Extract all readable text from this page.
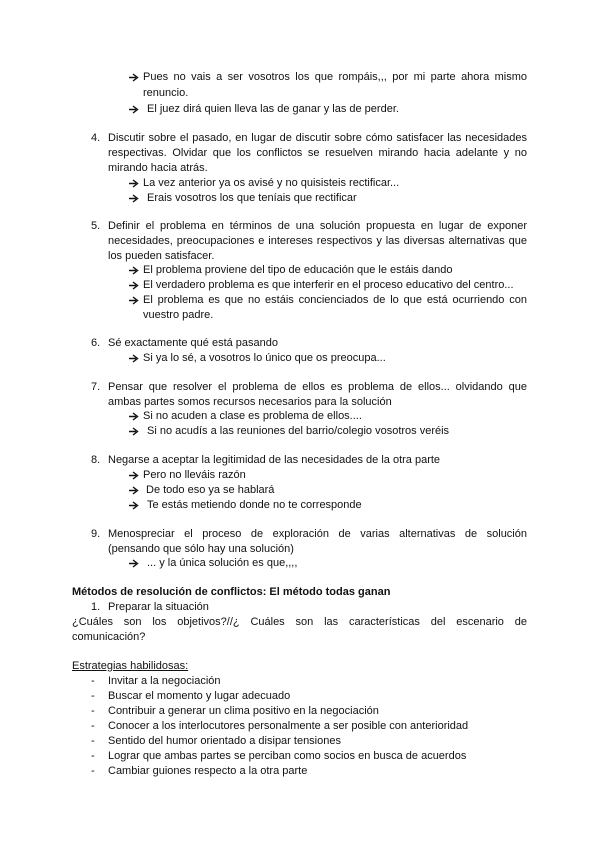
Pues no vais a ser vosotros los que rompáis,,, por mi parte ahora mismo
renuncio.
El juez dirá quien lleva las de ganar y las de perder.
4. Discutir sobre el pasado, en lugar de discutir sobre cómo satisfacer las necesidades
respectivas. Olvidar que los conflictos se resuelven mirando hacia adelante y no
mirando hacia atrás.
La vez anterior ya os avisé y no quisisteis rectificar...
Erais vosotros los que teníais que rectificar
5. Definir el problema en términos de una solución propuesta en lugar de exponer
necesidades, preocupaciones e intereses respectivos y las diversas alternativas que
los pueden satisfacer.
El problema proviene del tipo de educación que le estáis dando
El verdadero problema es que interferir en el proceso educativo del centro...
El problema es que no estáis concienciados de lo que está ocurriendo con
vuestro padre.
6. Sé exactamente qué está pasando
Si ya lo sé, a vosotros lo único que os preocupa...
7. Pensar que resolver el problema de ellos es problema de ellos... olvidando que
ambas partes somos recursos necesarios para la solución
Si no acuden a clase es problema de ellos....
Si no acudís a las reuniones del barrio/colegio vosotros veréis
8. Negarse a aceptar la legitimidad de las necesidades de la otra parte
Pero no lleváis razón
De todo eso ya se hablará
Te estás metiendo donde no te corresponde
9. Menospreciar el proceso de exploración de varias alternativas de solución
(pensando que sólo hay una solución)
... y la única solución es que,,,,
Métodos de resolución de conflictos: El método todas ganan
1. Preparar la situación
¿Cuáles son los objetivos?//¿ Cuáles son las características del escenario de
comunicación?
Estrategias habilidosas:
- Invitar a la negociación
- Buscar el momento y lugar adecuado
- Contribuir a generar un clima positivo en la negociación
- Conocer a los interlocutores personalmente a ser posible con anterioridad
- Sentido del humor orientado a disipar tensiones
- Lograr que ambas partes se perciban como socios en busca de acuerdos
- Cambiar guiones respecto a la otra parte
